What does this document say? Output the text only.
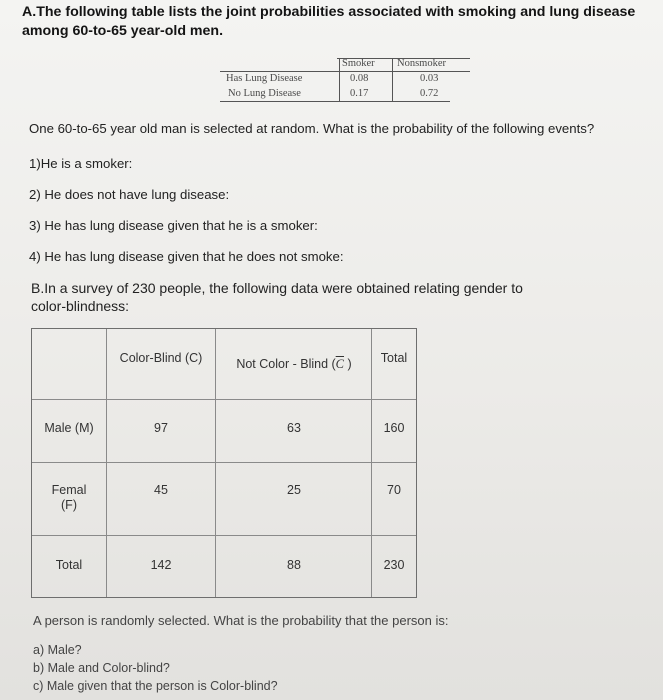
A.The following table lists the joint probabilities associated with smoking and lung disease
among 60-to-65 year-old men.
Smoker Nonsmoker
Has Lung Disease	0.08	0.03
No Lung Disease	0.17	0.72
One 60-to-65 year old man is selected at random. What is the probability of the following events?
1)He is a smoker:
2) He does not have lung disease:
3) He has lung disease given that he is a smoker:
4) He has lung disease given that he does not smoke:
B.In a survey of 230 people, the following data were obtained relating gender to
color-blindness:
Color-Blind (C)	Not Color - Blind ($\overline{C}$ )	Total
Male (M)	97	63	160
Femal
(F)
45	25	70
Total	142	88	230
A person is randomly selected. What is the probability that the person is:
a) Male?
b) Male and Color-blind?
c) Male given that the person is Color-blind?
